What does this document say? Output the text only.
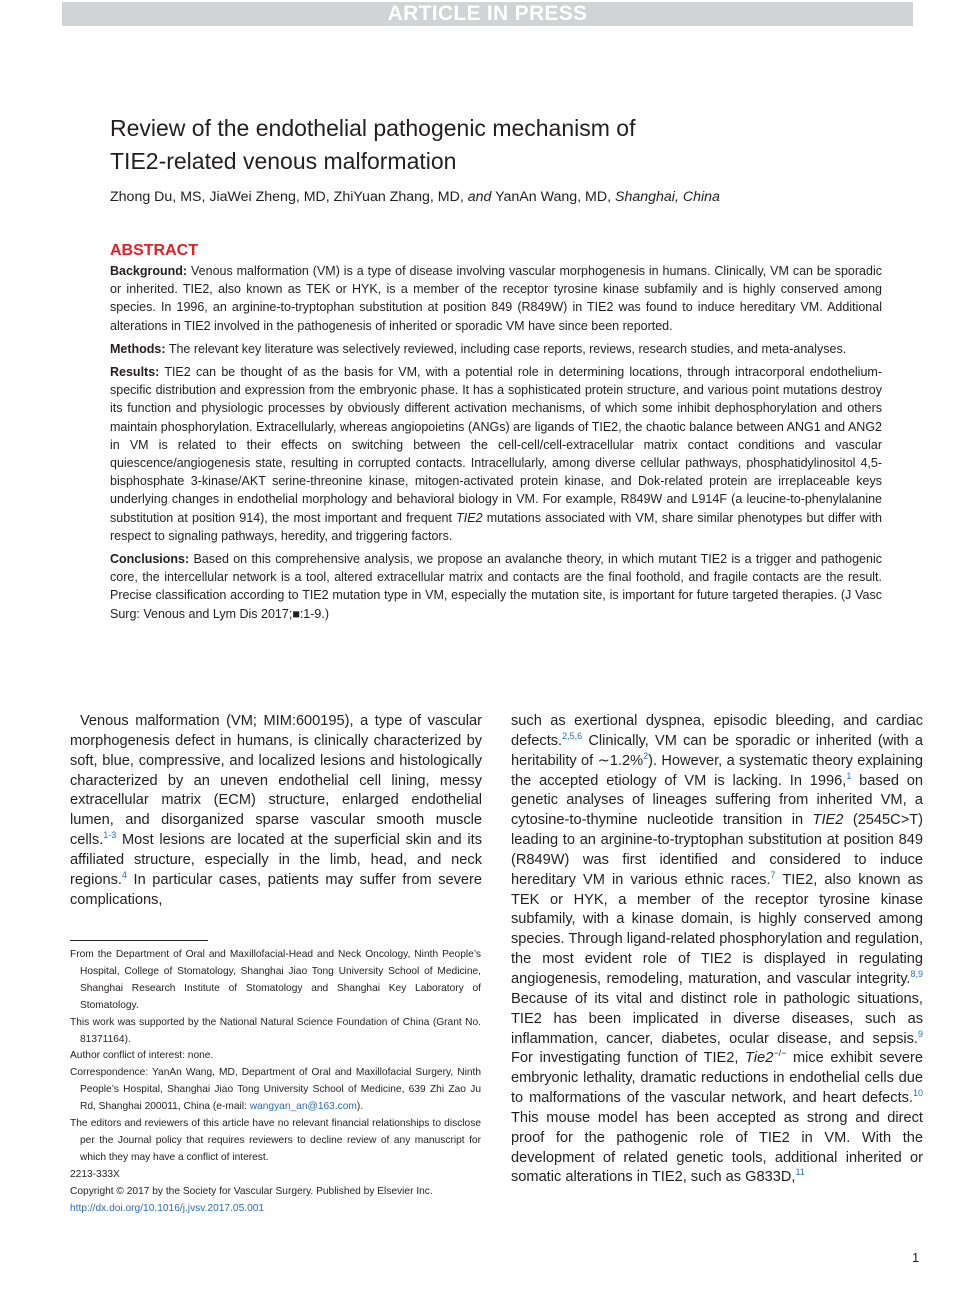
ARTICLE IN PRESS
Review of the endothelial pathogenic mechanism of
TIE2-related venous malformation
Zhong Du, MS, JiaWei Zheng, MD, ZhiYuan Zhang, MD, and YanAn Wang, MD, Shanghai, China
ABSTRACT

Background: Venous malformation (VM) is a type of disease involving vascular morphogenesis in humans. Clinically, VM can be sporadic or inherited. TIE2, also known as TEK or HYK, is a member of the receptor tyrosine kinase subfamily and is highly conserved among species. In 1996, an arginine-to-tryptophan substitution at position 849 (R849W) in TIE2 was found to induce hereditary VM. Additional alterations in TIE2 involved in the pathogenesis of inherited or sporadic VM have since been reported.

Methods: The relevant key literature was selectively reviewed, including case reports, reviews, research studies, and meta-analyses.

Results: TIE2 can be thought of as the basis for VM, with a potential role in determining locations, through intracorporal endothelium-specific distribution and expression from the embryonic phase. It has a sophisticated protein structure, and various point mutations destroy its function and physiologic processes by obviously different activation mechanisms, of which some inhibit dephosphorylation and others maintain phosphorylation. Extracellularly, whereas angiopoietins (ANGs) are ligands of TIE2, the chaotic balance between ANG1 and ANG2 in VM is related to their effects on switching between the cell-cell/cell-extracellular matrix contact conditions and vascular quiescence/angiogenesis state, resulting in corrupted contacts. Intracellularly, among diverse cellular pathways, phosphatidylinositol 4,5-bisphosphate 3-kinase/AKT serine-threonine kinase, mitogen-activated protein kinase, and Dok-related protein are irreplaceable keys underlying changes in endothelial morphology and behavioral biology in VM. For example, R849W and L914F (a leucine-to-phenylalanine substitution at position 914), the most important and frequent TIE2 mutations associated with VM, share similar phenotypes but differ with respect to signaling pathways, heredity, and triggering factors.

Conclusions: Based on this comprehensive analysis, we propose an avalanche theory, in which mutant TIE2 is a trigger and pathogenic core, the intercellular network is a tool, altered extracellular matrix and contacts are the final foothold, and fragile contacts are the result. Precise classification according to TIE2 mutation type in VM, especially the mutation site, is important for future targeted therapies. (J Vasc Surg: Venous and Lym Dis 2017;■:1-9.)

Venous malformation (VM; MIM:600195), a type of vascular morphogenesis defect in humans, is clinically characterized by soft, blue, compressive, and localized lesions and histologically characterized by an uneven endothelial cell lining, messy extracellular matrix (ECM) structure, enlarged endothelial lumen, and disorganized sparse vascular smooth muscle cells.$^{1-3}$ Most lesions are located at the superficial skin and its affiliated structure, especially in the limb, head, and neck regions.$^4$ In particular cases, patients may suffer from severe complications,

From the Department of Oral and Maxillofacial-Head and Neck Oncology, Ninth People’s Hospital, College of Stomatology, Shanghai Jiao Tong University School of Medicine, Shanghai Research Institute of Stomatology and Shanghai Key Laboratory of Stomatology.

This work was supported by the National Natural Science Foundation of China (Grant No. 81371164).

Author conflict of interest: none.

Correspondence: YanAn Wang, MD, Department of Oral and Maxillofacial Surgery, Ninth People’s Hospital, Shanghai Jiao Tong University School of Medicine, 639 Zhi Zao Ju Rd, Shanghai 200011, China (e-mail: wangyan_an@163.com).

The editors and reviewers of this article have no relevant financial relationships to disclose per the Journal policy that requires reviewers to decline review of any manuscript for which they may have a conflict of interest.

2213-333X

Copyright © 2017 by the Society for Vascular Surgery. Published by Elsevier Inc.

http://dx.doi.org/10.1016/j.jvsv.2017.05.001

such as exertional dyspnea, episodic bleeding, and cardiac defects.$^{2,5,6}$ Clinically, VM can be sporadic or inherited (with a heritability of ∼1.2%$^2$). However, a systematic theory explaining the accepted etiology of VM is lacking. In 1996,$^1$ based on genetic analyses of lineages suffering from inherited VM, a cytosine-to-thymine nucleotide transition in TIE2 (2545C>T) leading to an arginine-to-tryptophan substitution at position 849 (R849W) was first identified and considered to induce hereditary VM in various ethnic races.$^7$ TIE2, also known as TEK or HYK, a member of the receptor tyrosine kinase subfamily, with a kinase domain, is highly conserved among species. Through ligand-related phosphorylation and regulation, the most evident role of TIE2 is displayed in regulating angiogenesis, remodeling, maturation, and vascular integrity.$^{8,9}$ Because of its vital and distinct role in pathologic situations, TIE2 has been implicated in diverse diseases, such as inflammation, cancer, diabetes, ocular disease, and sepsis.$^9$ For investigating function of TIE2, Tie2−/− mice exhibit severe embryonic lethality, dramatic reductions in endothelial cells due to malformations of the vascular network, and heart defects.$^{10}$ This mouse model has been accepted as strong and direct proof for the pathogenic role of TIE2 in VM. With the development of related genetic tools, additional inherited or somatic alterations in TIE2, such as G833D,$^{11}$

1
